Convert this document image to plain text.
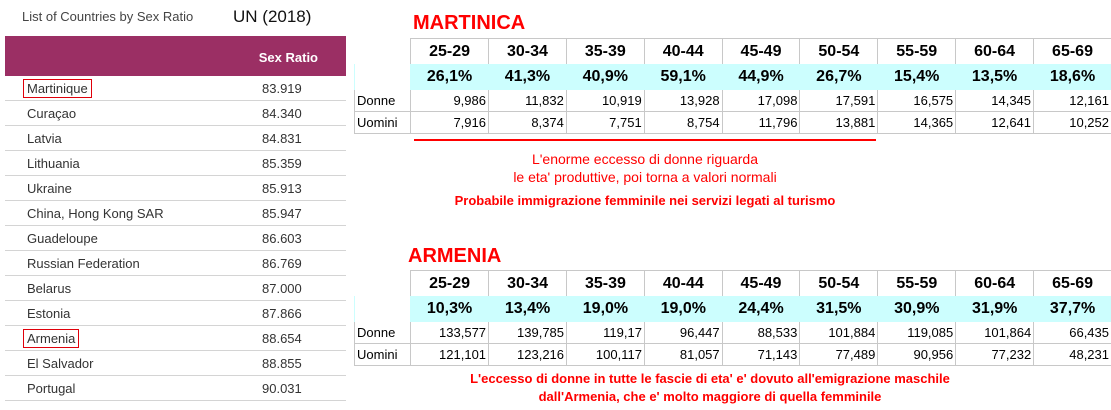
List of Countries by Sex Ratio UN (2018)
Sex Ratio
Martinique	83.919
Curaçao	84.340
Latvia	84.831
Lithuania	85.359
Ukraine	85.913
China, Hong Kong SAR	85.947
Guadeloupe	86.603
Russian Federation	86.769
Belarus	87.000
Estonia	87.866
Armenia	88.654
El Salvador	88.855
Portugal	90.031
MARTINICA
	25-29	30-34	35-39	40-44	45-49	50-54	55-59	60-64	65-69
	26,1%	41,3%	40,9%	59,1%	44,9%	26,7%	15,4%	13,5%	18,6%
Donne	9,986	11,832	10,919	13,928	17,098	17,591	16,575	14,345	12,161
Uomini	7,916	8,374	7,751	8,754	11,796	13,881	14,365	12,641	10,252
L'enorme eccesso di donne riguarda
le eta' produttive, poi torna a valori normali
Probabile immigrazione femminile nei servizi legati al turismo
ARMENIA
	25-29	30-34	35-39	40-44	45-49	50-54	55-59	60-64	65-69
	10,3%	13,4%	19,0%	19,0%	24,4%	31,5%	30,9%	31,9%	37,7%
Donne	133,577	139,785	119,17	96,447	88,533	101,884	119,085	101,864	66,435
Uomini	121,101	123,216	100,117	81,057	71,143	77,489	90,956	77,232	48,231
L'eccesso di donne in tutte le fascie di eta' e' dovuto all'emigrazione maschile
dall'Armenia, che e' molto maggiore di quella femminile
